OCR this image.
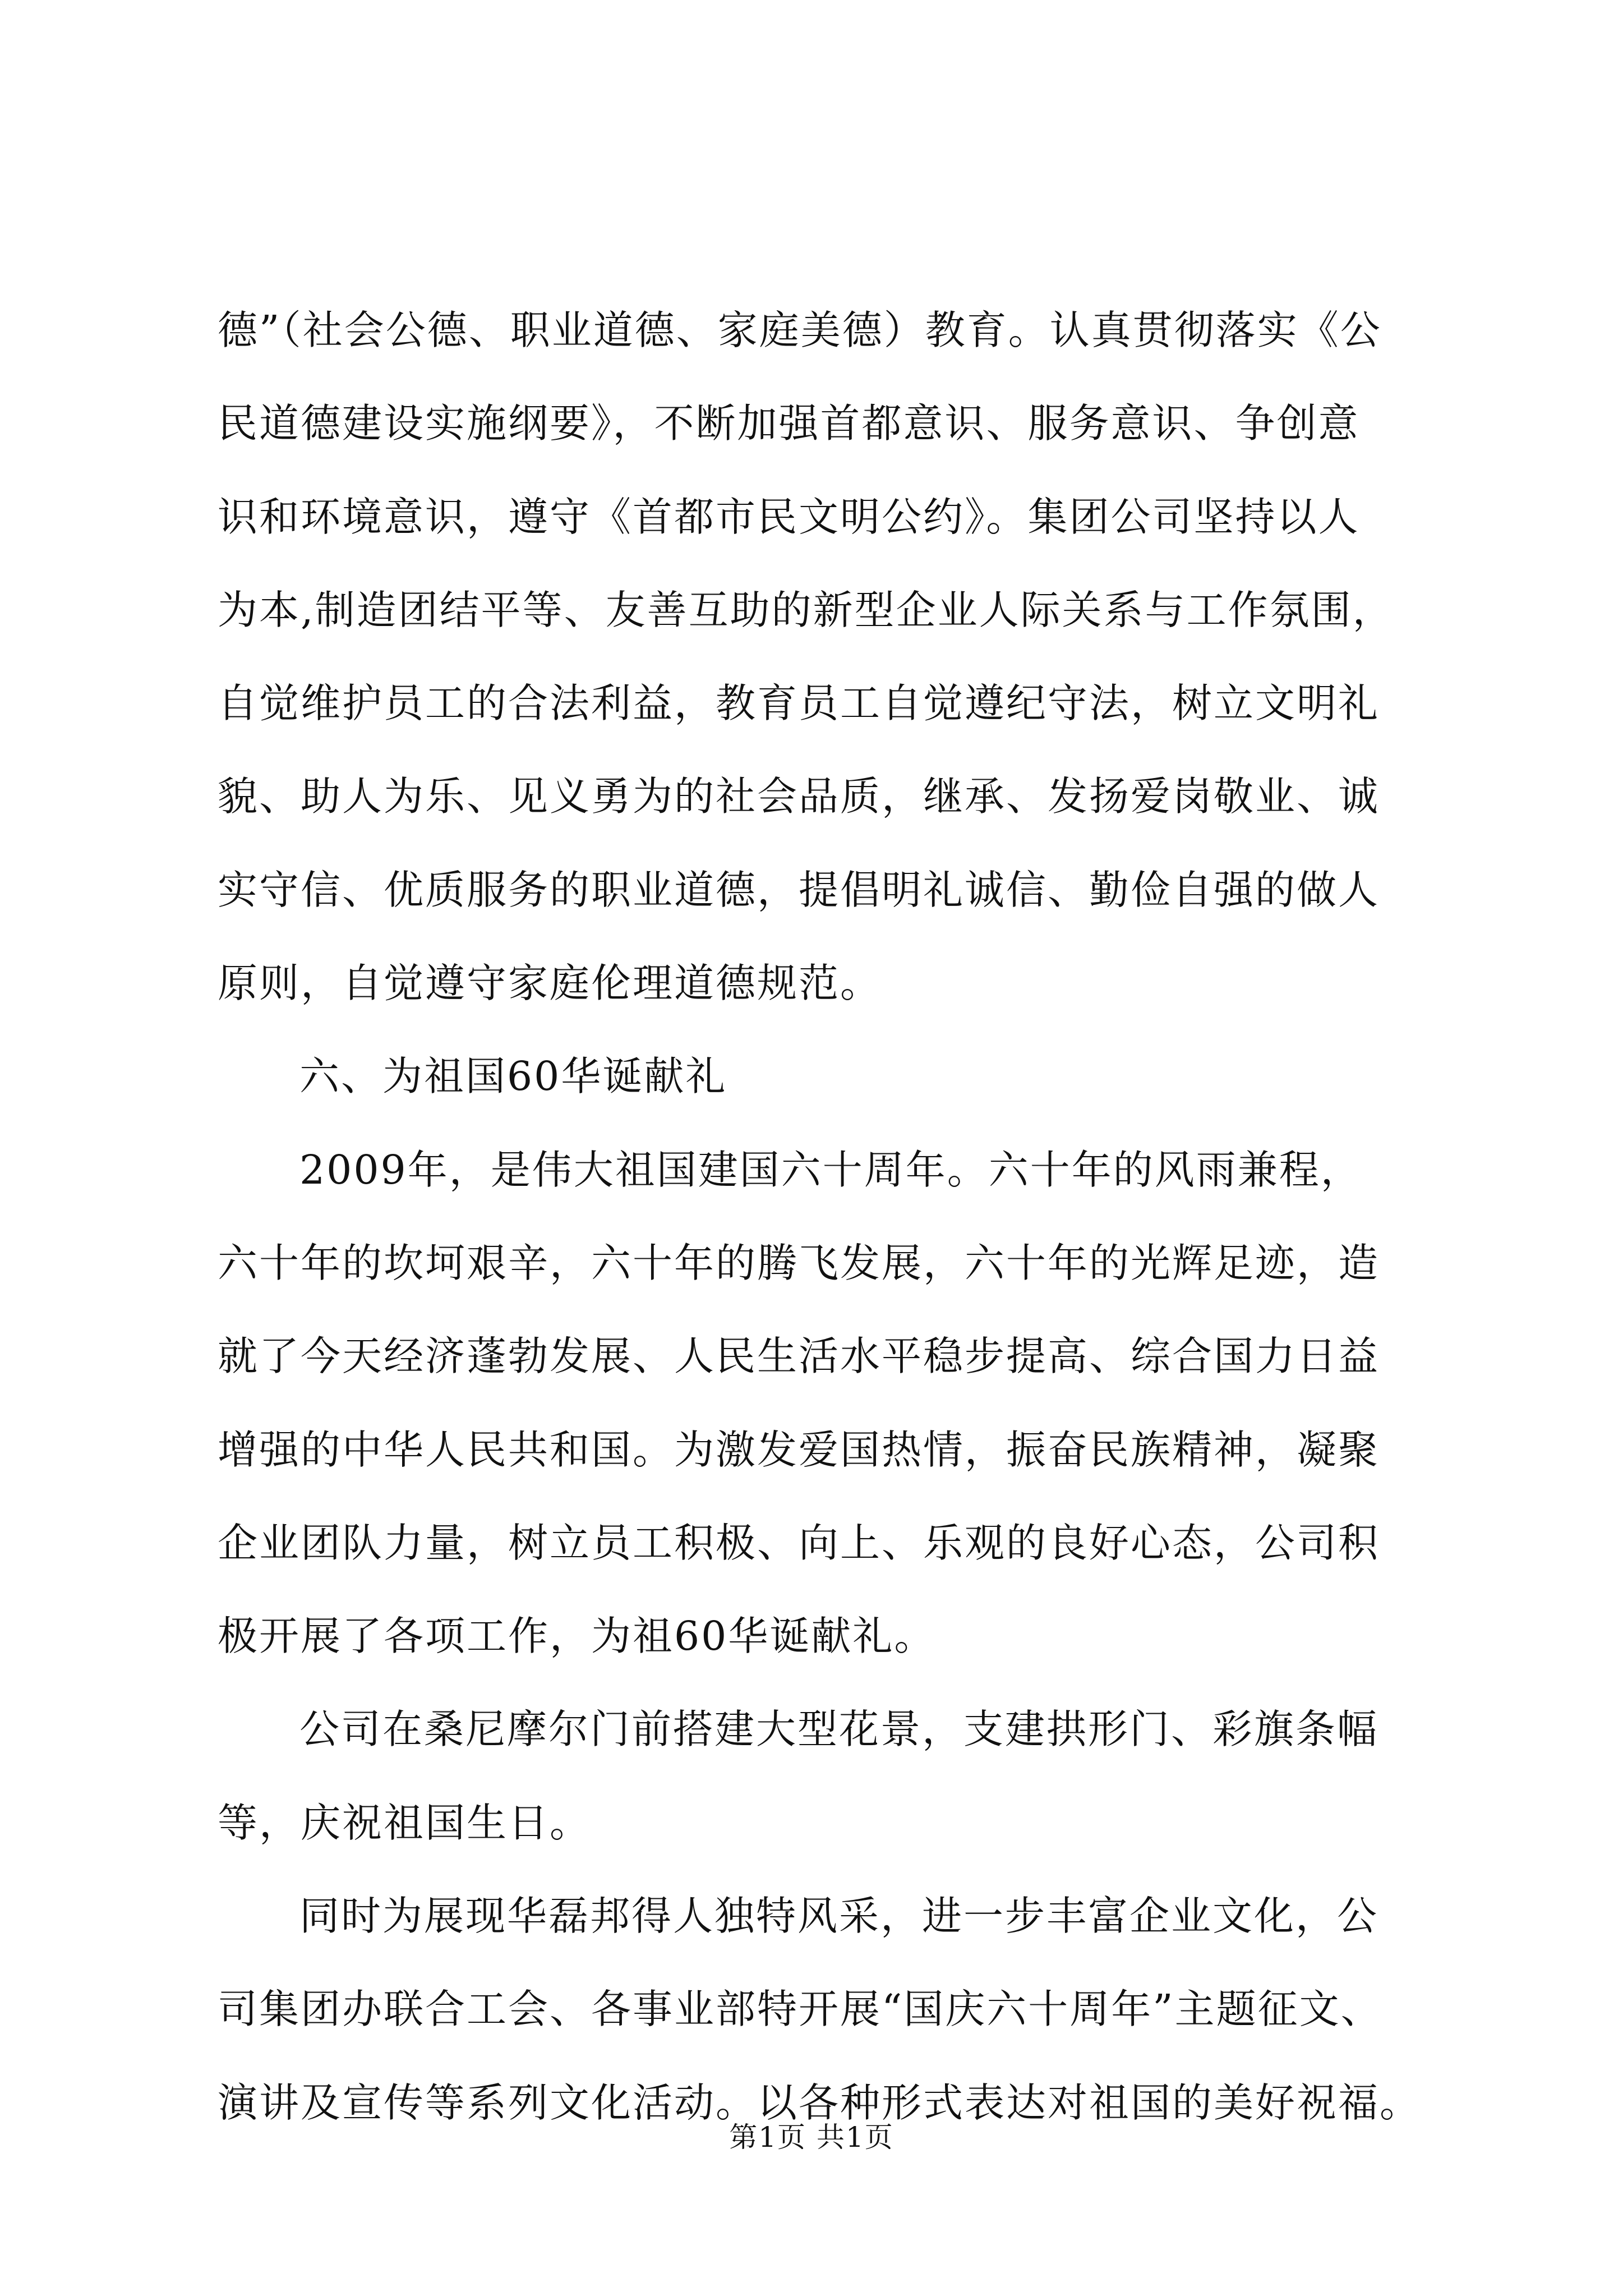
德”（社会公德、职业道德、家庭美德）教育。认真贯彻落实《公
民道德建设实施纲要》，不断加强首都意识、服务意识、争创意
识和环境意识，遵守《首都市民文明公约》。集团公司坚持以人
为本,制造团结平等、友善互助的新型企业人际关系与工作氛围，
自觉维护员工的合法利益，教育员工自觉遵纪守法，树立文明礼
貌、助人为乐、见义勇为的社会品质，继承、发扬爱岗敬业、诚
实守信、优质服务的职业道德，提倡明礼诚信、勤俭自强的做人
原则，自觉遵守家庭伦理道德规范。
六、为祖国60华诞献礼
2009年，是伟大祖国建国六十周年。六十年的风雨兼程，
六十年的坎坷艰辛，六十年的腾飞发展，六十年的光辉足迹，造
就了今天经济蓬勃发展、人民生活水平稳步提高、综合国力日益
增强的中华人民共和国。为激发爱国热情，振奋民族精神，凝聚
企业团队力量，树立员工积极、向上、乐观的良好心态，公司积
极开展了各项工作，为祖60华诞献礼。
公司在桑尼摩尔门前搭建大型花景，支建拱形门、彩旗条幅
等，庆祝祖国生日。
同时为展现华磊邦得人独特风采，进一步丰富企业文化，公
司集团办联合工会、各事业部特开展“国庆六十周年”主题征文、
演讲及宣传等系列文化活动。以各种形式表达对祖国的美好祝福。
第1页 共1页
